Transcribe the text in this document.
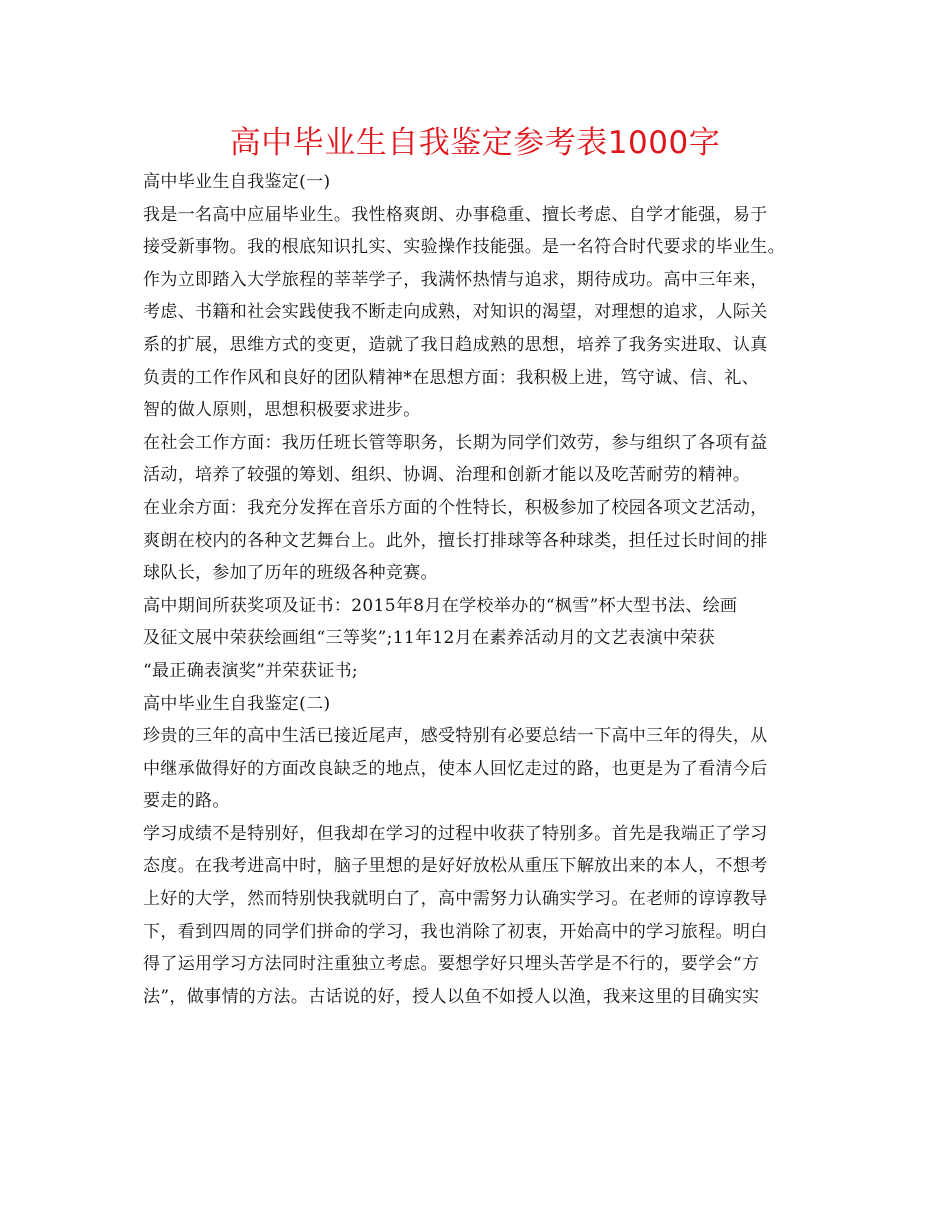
高中毕业生自我鉴定参考表1000字
高中毕业生自我鉴定(一)
我是一名高中应届毕业生。我性格爽朗、办事稳重、擅长考虑、自学才能强，易于
接受新事物。我的根底知识扎实、实验操作技能强。是一名符合时代要求的毕业生。
作为立即踏入大学旅程的莘莘学子，我满怀热情与追求，期待成功。高中三年来，
考虑、书籍和社会实践使我不断走向成熟，对知识的渴望，对理想的追求，人际关
系的扩展，思维方式的变更，造就了我日趋成熟的思想，培养了我务实进取、认真
负责的工作作风和良好的团队精神*在思想方面：我积极上进，笃守诚、信、礼、
智的做人原则，思想积极要求进步。
在社会工作方面：我历任班长管等职务，长期为同学们效劳，参与组织了各项有益
活动，培养了较强的筹划、组织、协调、治理和创新才能以及吃苦耐劳的精神。
在业余方面：我充分发挥在音乐方面的个性特长，积极参加了校园各项文艺活动，
爽朗在校内的各种文艺舞台上。此外，擅长打排球等各种球类，担任过长时间的排
球队长，参加了历年的班级各种竞赛。
高中期间所获奖项及证书：2015年8月在学校举办的“枫雪”杯大型书法、绘画
及征文展中荣获绘画组“三等奖”;11年12月在素养活动月的文艺表演中荣获
“最正确表演奖”并荣获证书;
高中毕业生自我鉴定(二)
珍贵的三年的高中生活已接近尾声，感受特别有必要总结一下高中三年的得失，从
中继承做得好的方面改良缺乏的地点，使本人回忆走过的路，也更是为了看清今后
要走的路。
学习成绩不是特别好，但我却在学习的过程中收获了特别多。首先是我端正了学习
态度。在我考进高中时，脑子里想的是好好放松从重压下解放出来的本人，不想考
上好的大学，然而特别快我就明白了，高中需努力认确实学习。在老师的谆谆教导
下，看到四周的同学们拼命的学习，我也消除了初衷，开始高中的学习旅程。明白
得了运用学习方法同时注重独立考虑。要想学好只埋头苦学是不行的，要学会“方
法”，做事情的方法。古话说的好，授人以鱼不如授人以渔，我来这里的目确实实
